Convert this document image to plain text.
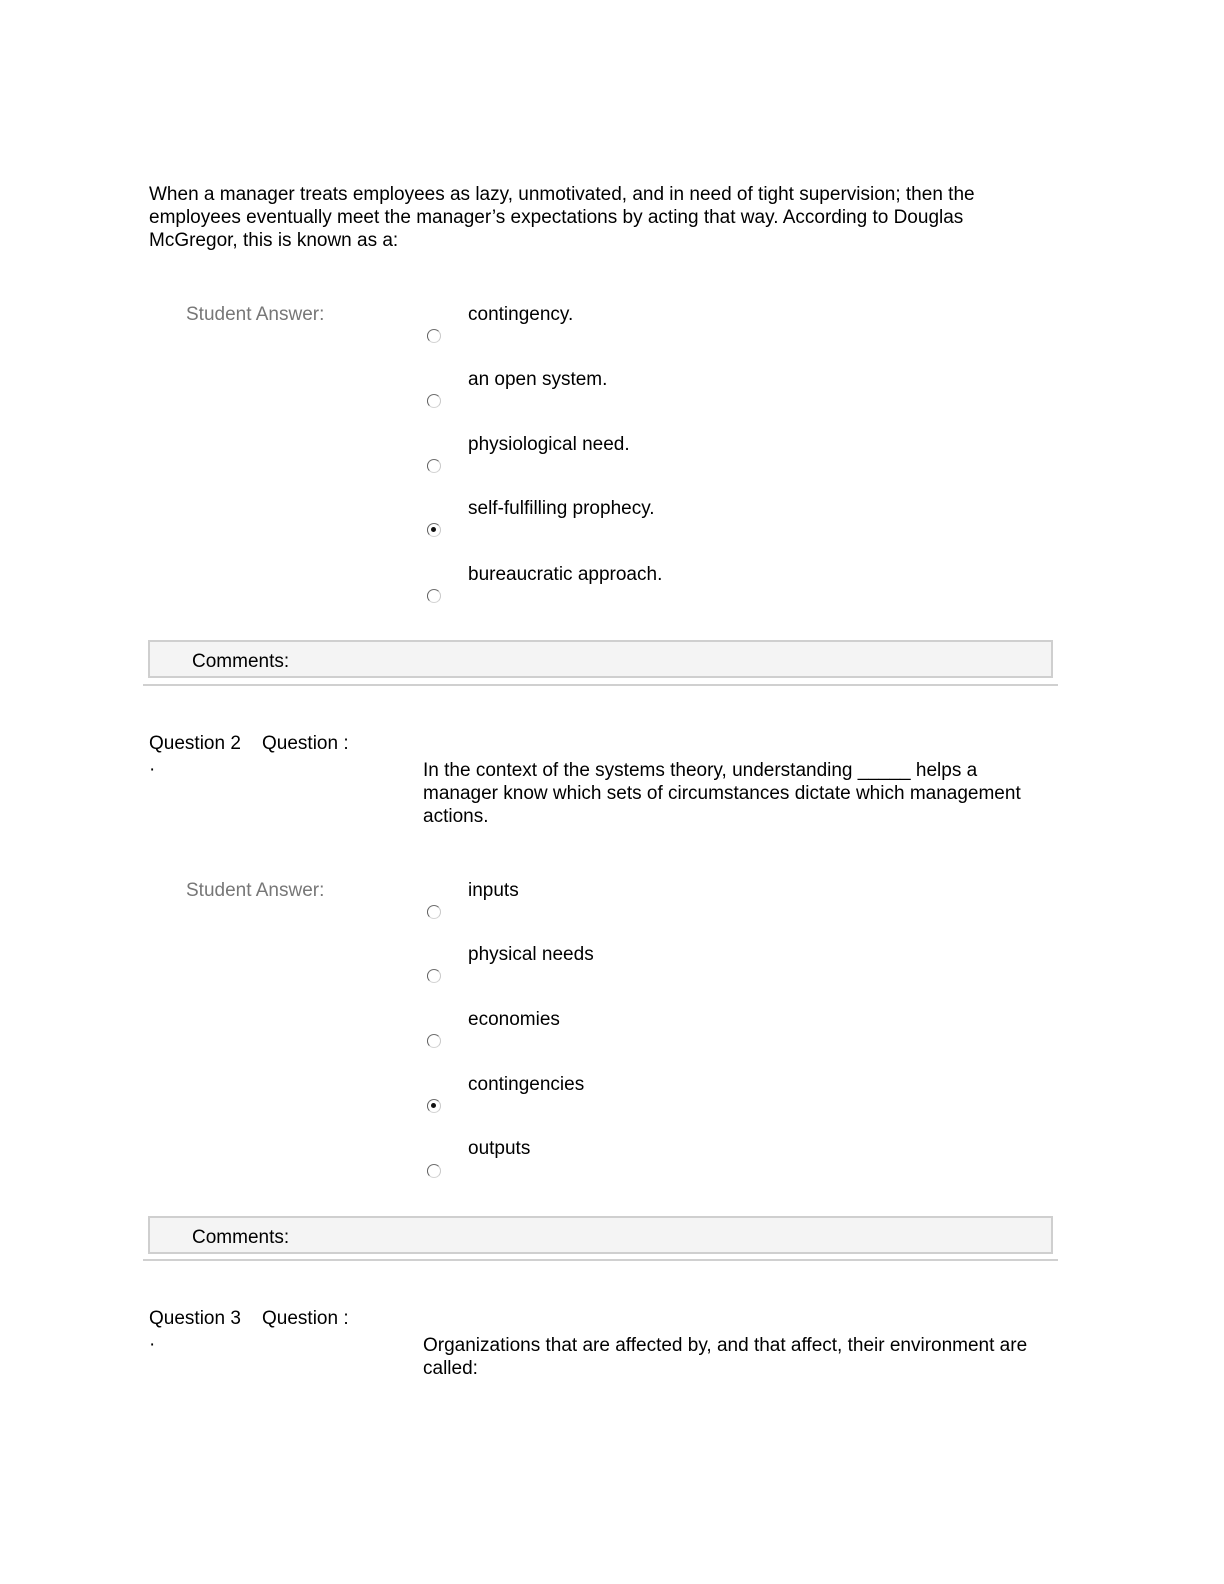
When a manager treats employees as lazy, unmotivated, and in need of tight supervision; then the employees eventually meet the manager’s expectations by acting that way. According to Douglas McGregor, this is known as a:

Student Answer:	contingency.
an open system.
physiological need.
self-fulfilling prophecy.
bureaucratic approach.
Comments:
Question 2 Question :
·	In the context of the systems theory, understanding _____ helps a manager know which sets of circumstances dictate which management actions.

Student Answer:	inputs
physical needs
economies
contingencies
outputs
Comments:
Question 3 Question :
·	Organizations that are affected by, and that affect, their environment are called:
